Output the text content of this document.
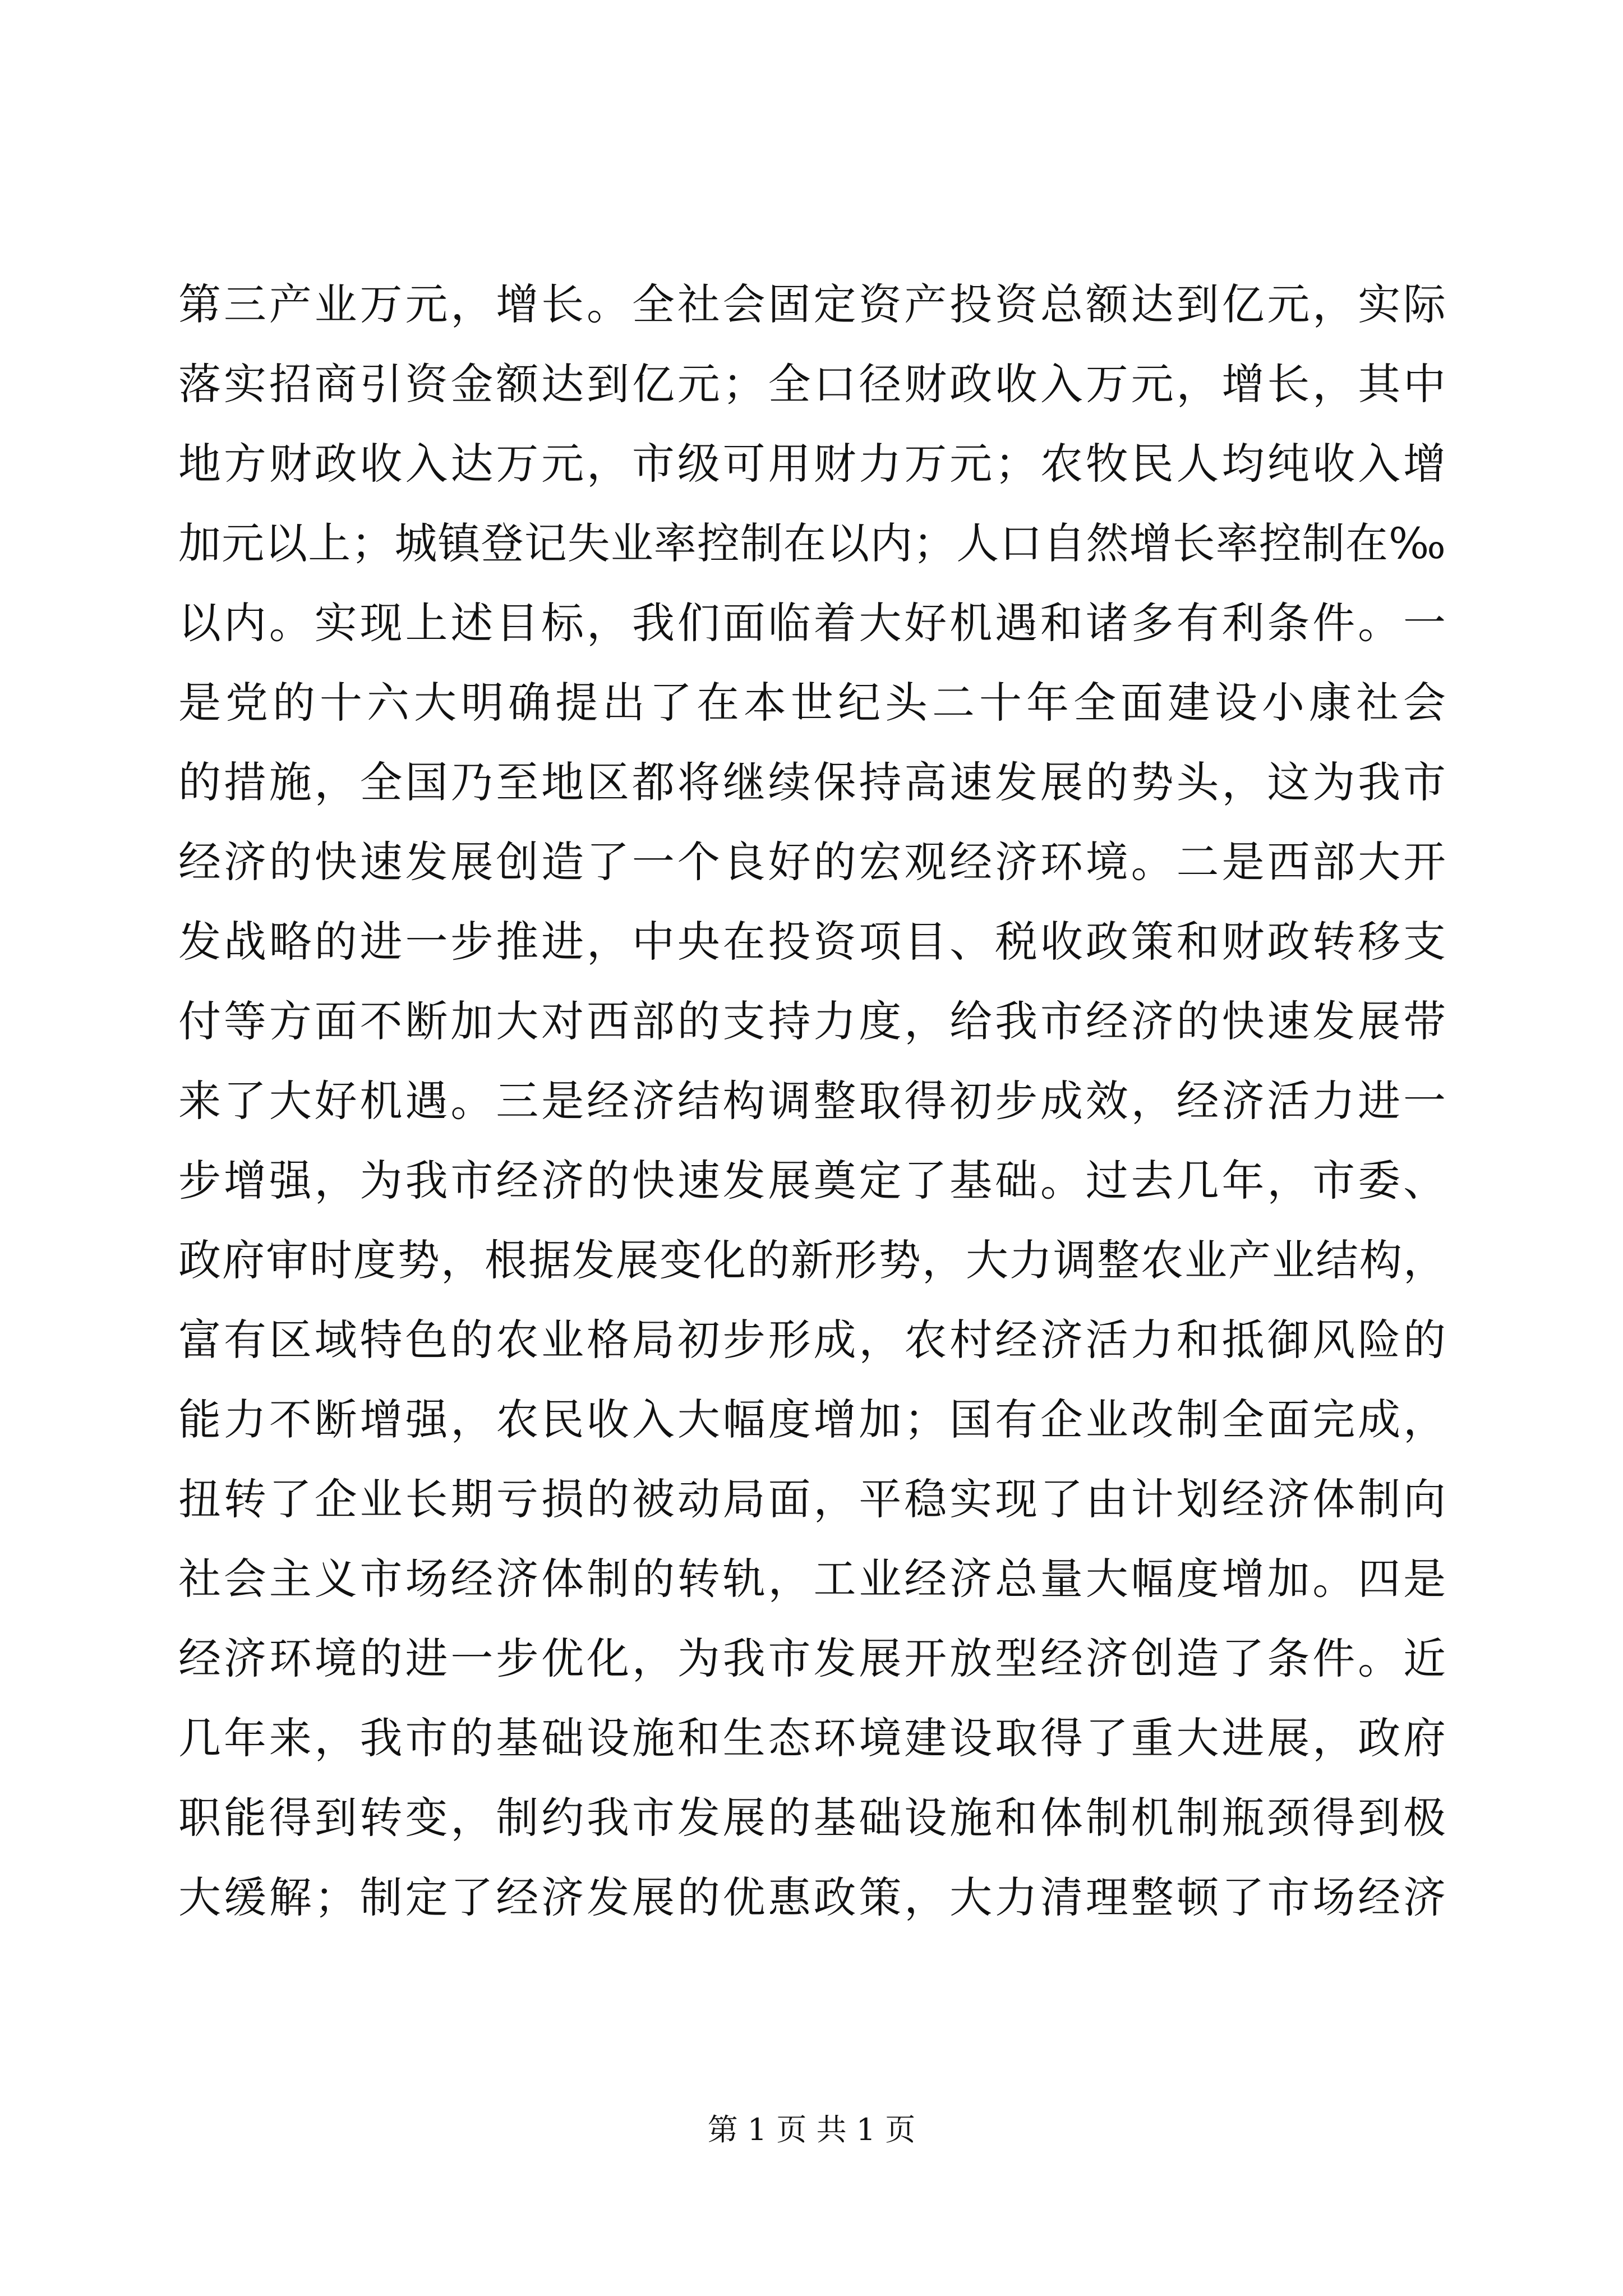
第三产业万元，增长。全社会固定资产投资总额达到亿元，实际
落实招商引资金额达到亿元；全口径财政收入万元，增长，其中
地方财政收入达万元，市级可用财力万元；农牧民人均纯收入增
加元以上；城镇登记失业率控制在以内；人口自然增长率控制在‰
以内。实现上述目标，我们面临着大好机遇和诸多有利条件。一
是党的十六大明确提出了在本世纪头二十年全面建设小康社会
的措施，全国乃至地区都将继续保持高速发展的势头，这为我市
经济的快速发展创造了一个良好的宏观经济环境。二是西部大开
发战略的进一步推进，中央在投资项目、税收政策和财政转移支
付等方面不断加大对西部的支持力度，给我市经济的快速发展带
来了大好机遇。三是经济结构调整取得初步成效，经济活力进一
步增强，为我市经济的快速发展奠定了基础。过去几年，市委、
政府审时度势，根据发展变化的新形势，大力调整农业产业结构，
富有区域特色的农业格局初步形成，农村经济活力和抵御风险的
能力不断增强，农民收入大幅度增加；国有企业改制全面完成，
扭转了企业长期亏损的被动局面，平稳实现了由计划经济体制向
社会主义市场经济体制的转轨，工业经济总量大幅度增加。四是
经济环境的进一步优化，为我市发展开放型经济创造了条件。近
几年来，我市的基础设施和生态环境建设取得了重大进展，政府
职能得到转变，制约我市发展的基础设施和体制机制瓶颈得到极
大缓解；制定了经济发展的优惠政策，大力清理整顿了市场经济
第 1 页 共 1 页
